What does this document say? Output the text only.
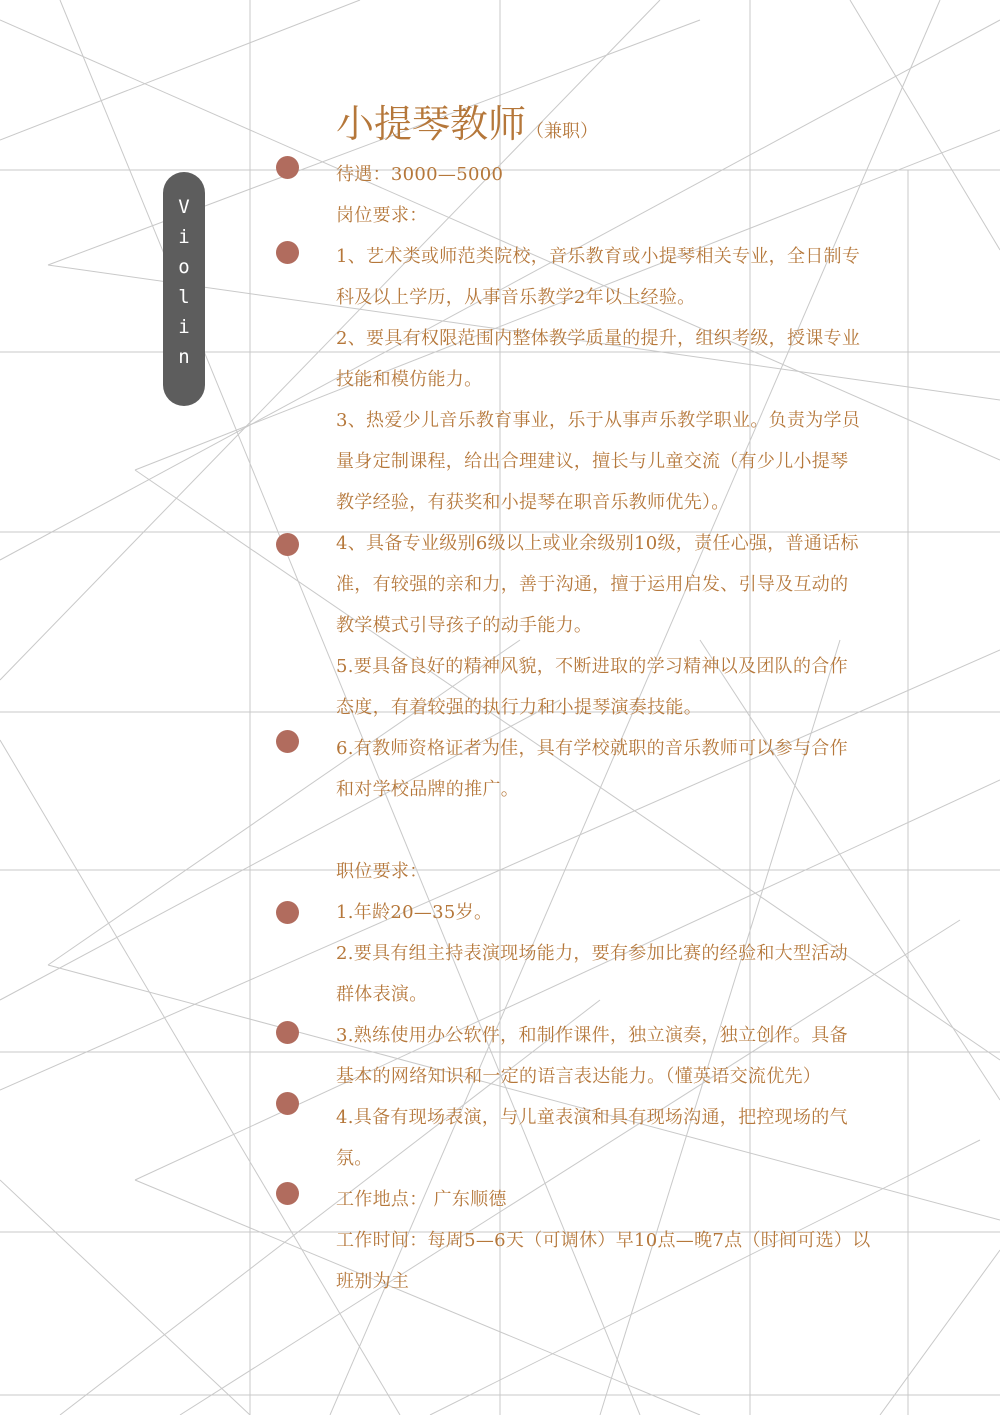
V
i
o
l
i
n
小提琴教师（兼职）
待遇：3000—5000
岗位要求：
1、艺术类或师范类院校，音乐教育或小提琴相关专业，全日制专
科及以上学历，从事音乐教学2年以上经验。
2、要具有权限范围内整体教学质量的提升，组织考级，授课专业
技能和模仿能力。
3、热爱少儿音乐教育事业，乐于从事声乐教学职业。负责为学员
量身定制课程，给出合理建议，擅长与儿童交流（有少儿小提琴
教学经验，有获奖和小提琴在职音乐教师优先）。
4、具备专业级别6级以上或业余级别10级，责任心强，普通话标
准，有较强的亲和力，善于沟通，擅于运用启发、引导及互动的
教学模式引导孩子的动手能力。
5.要具备良好的精神风貌，不断进取的学习精神以及团队的合作
态度，有着较强的执行力和小提琴演奏技能。
6.有教师资格证者为佳，具有学校就职的音乐教师可以参与合作
和对学校品牌的推广。
职位要求：
1.年龄20—35岁。
2.要具有组主持表演现场能力，要有参加比赛的经验和大型活动
群体表演。
3.熟练使用办公软件，和制作课件，独立演奏，独立创作。具备
基本的网络知识和一定的语言表达能力。（懂英语交流优先）
4.具备有现场表演，与儿童表演和具有现场沟通，把控现场的气
氛。
工作地点： 广东顺德
工作时间：每周5—6天（可调休）早10点—晚7点（时间可选）以
班别为主
